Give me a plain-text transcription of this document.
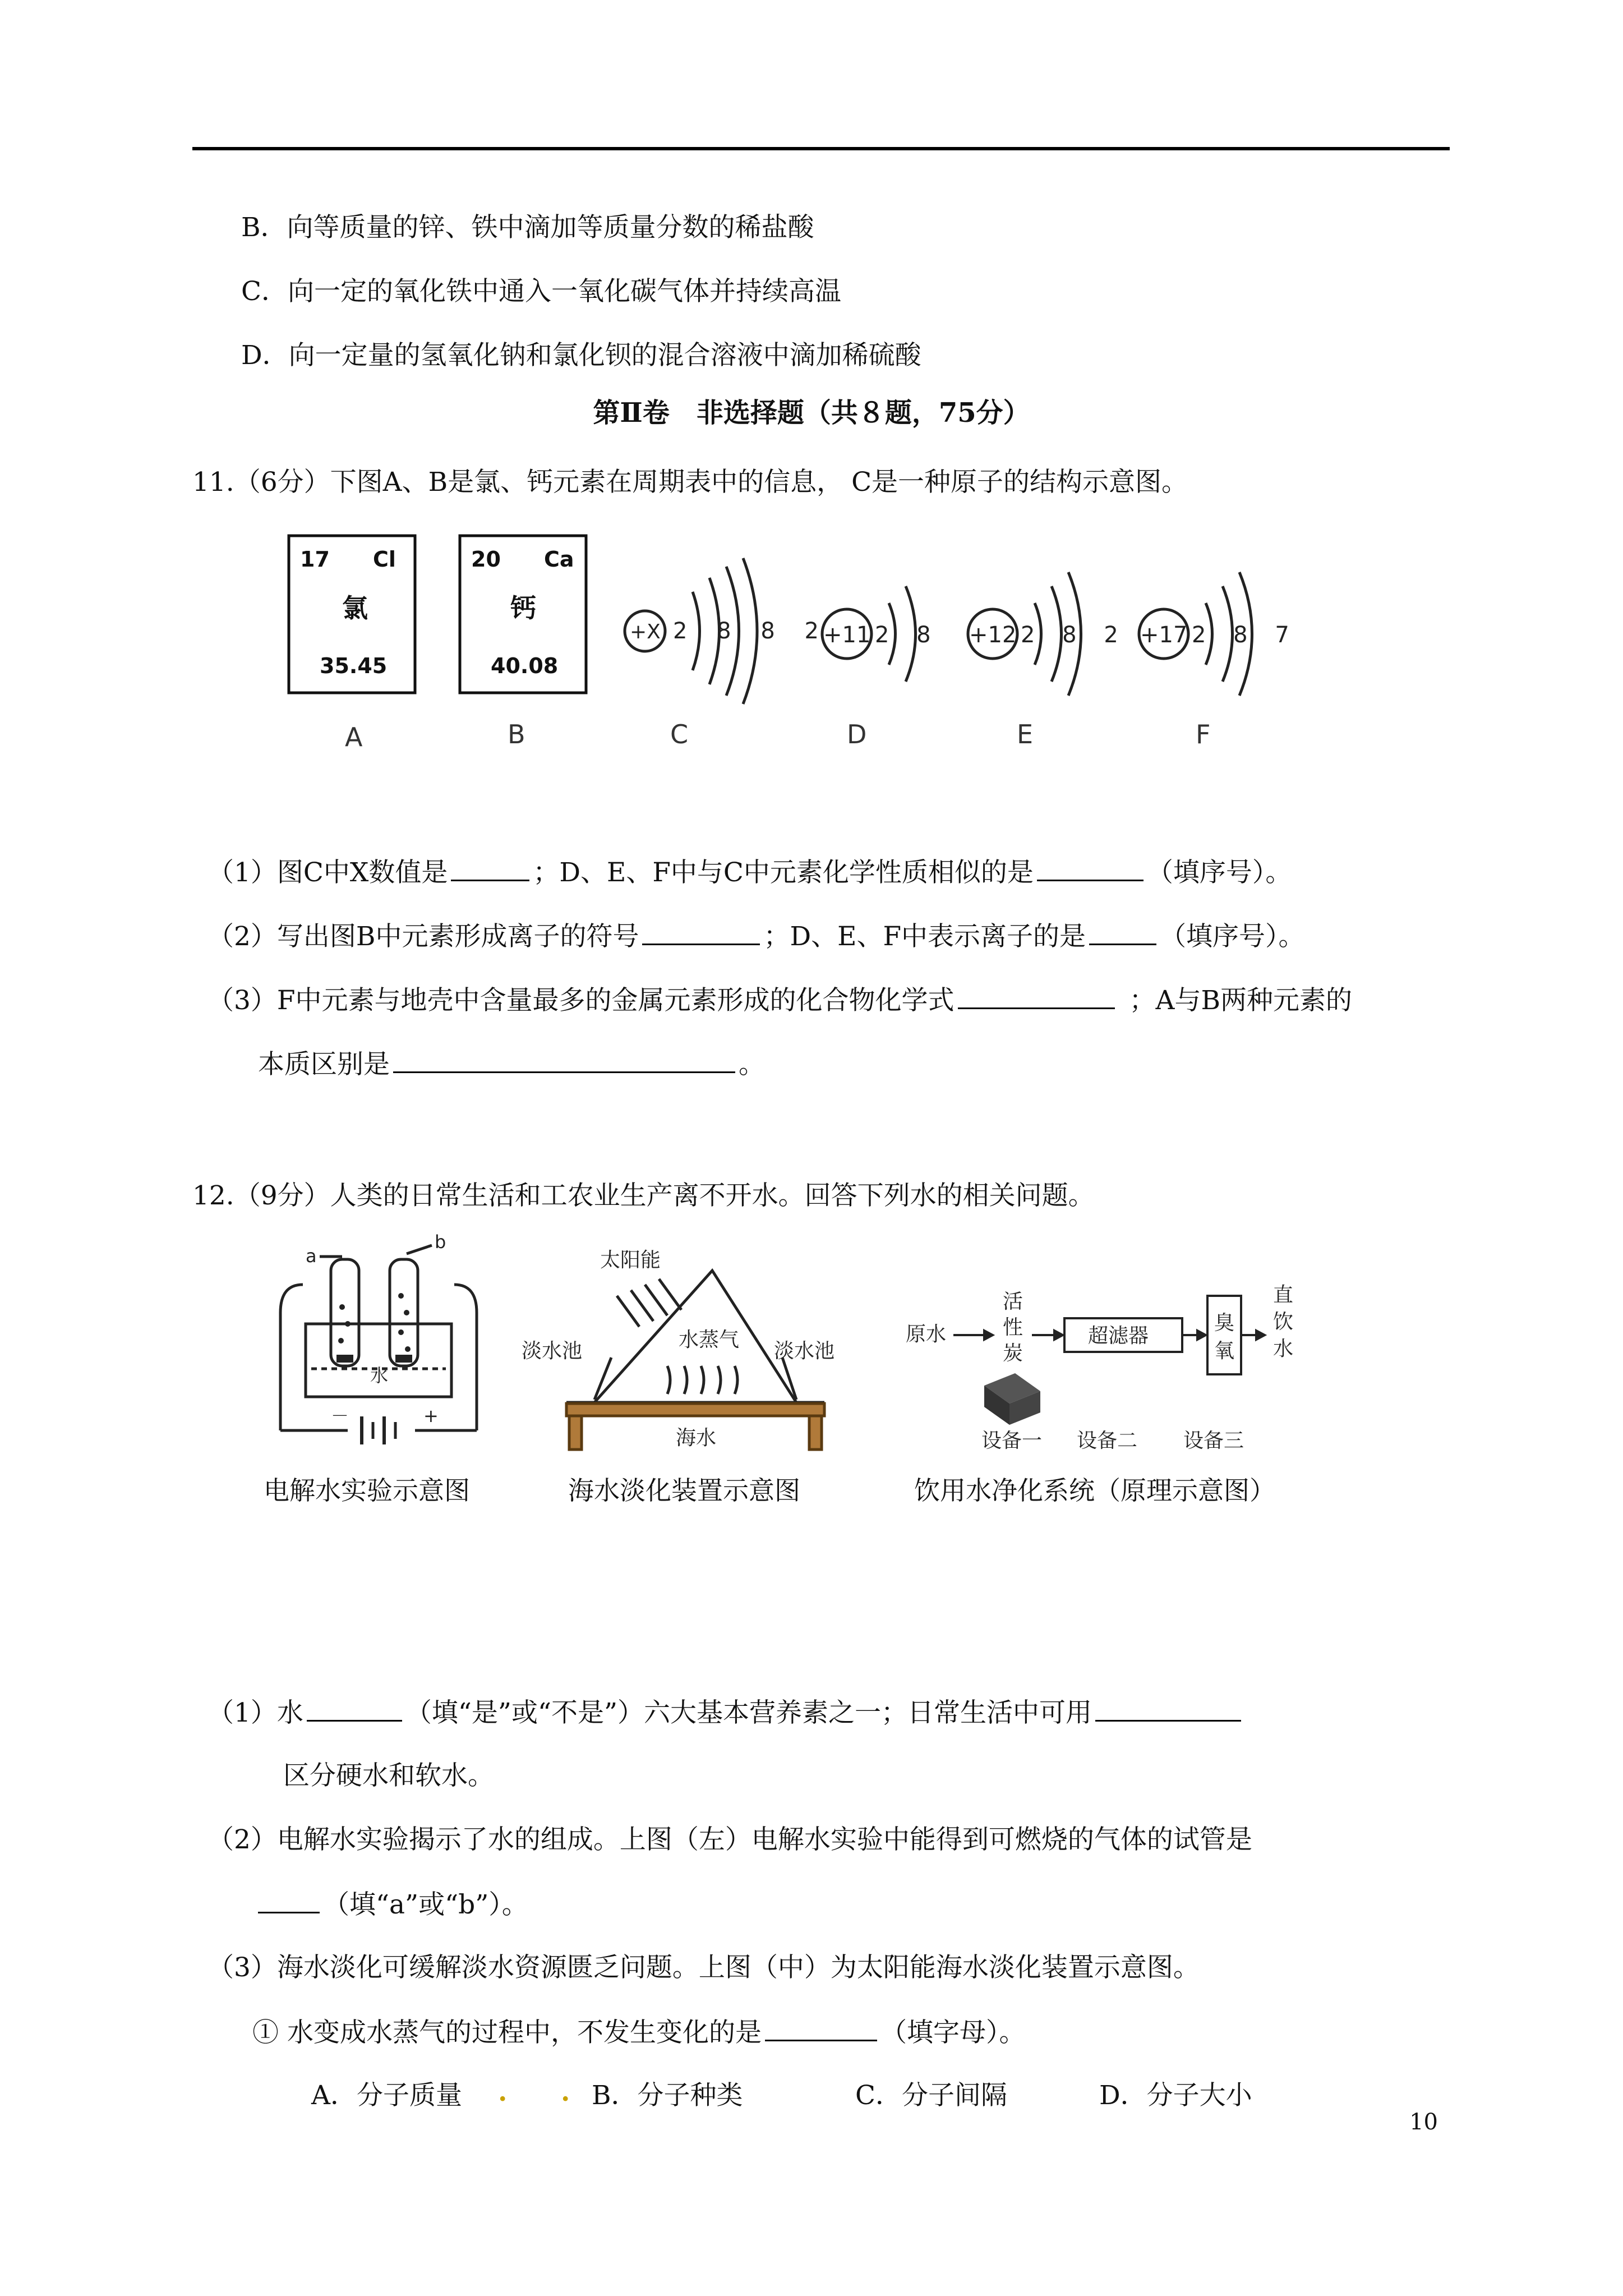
B．向等质量的锌、铁中滴加等质量分数的稀盐酸
C．向一定的氧化铁中通入一氧化碳气体并持续高温
D．向一定量的氢氧化钠和氯化钡的混合溶液中滴加稀硫酸
第Ⅱ卷　非选择题（共８题，75分）
11.（6分）下图A、B是氯、钙元素在周期表中的信息， C是一种原子的结构示意图。
17 Cl
氯
35.45
20 Ca
钙
40.08
A	B
+X 2 8 8 2
C
+11 2 8
D
+12 2 8 2
E
+17 2 8 7
F
（1）图C中X数值是	；D、E、F中与C中元素化学性质相似的是	（填序号）。
（2）写出图B中元素形成离子的符号	；D、E、F中表示离子的是	（填序号）。
（3）F中元素与地壳中含量最多的金属元素形成的化合物化学式	；A与B两种元素的
本质区别是	。
12.（9分）人类的日常生活和工农业生产离不开水。回答下列水的相关问题。
a
b
水
－	+
太阳能
水蒸气
淡水池	淡水池
海水
原水
活
性
炭
超滤器
臭
氧
直
饮
水
设备一 设备二 设备三
电解水实验示意图	海水淡化装置示意图	饮用水净化系统（原理示意图）
（1）水	（填“是”或“不是”）六大基本营养素之一；日常生活中可用
区分硬水和软水。
（2）电解水实验揭示了水的组成。上图（左）电解水实验中能得到可燃烧的气体的试管是
（填“a”或“b”）。
（3）海水淡化可缓解淡水资源匮乏问题。上图（中）为太阳能海水淡化装置示意图。
① 水变成水蒸气的过程中，不发生变化的是	（填字母）。
A．分子质量 . . B．分子种类	C．分子间隔	D．分子大小
10
